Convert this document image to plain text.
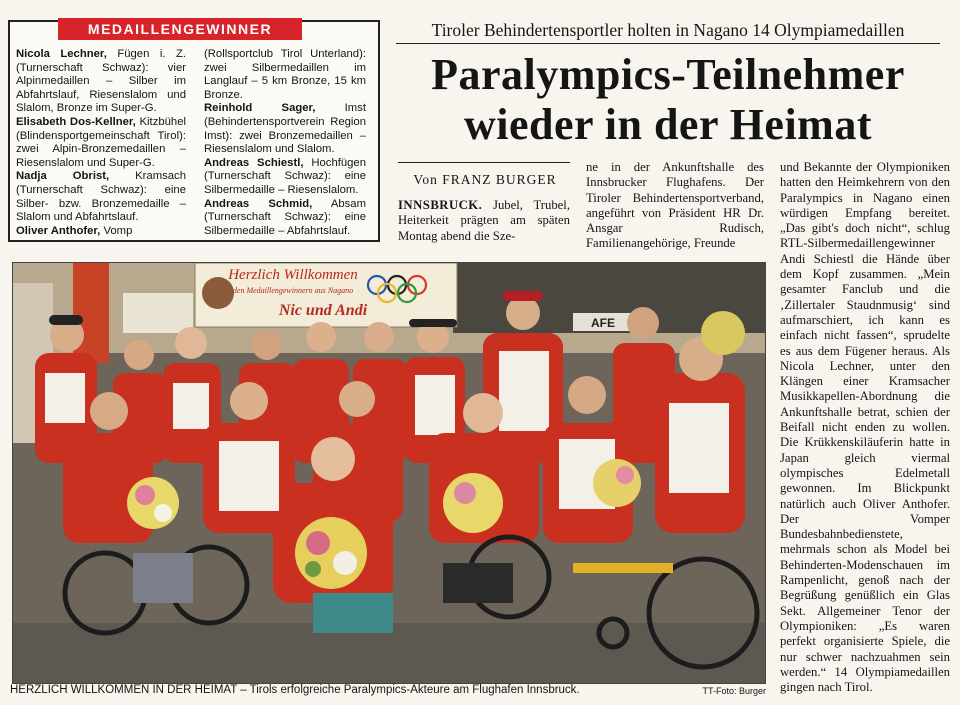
MEDAILLENGEWINNER

Nicola Lechner, Fügen i. Z. (Turnerschaft Schwaz): vier Alpinmedaillen – Silber im Abfahrtslauf, Riesenslalom und Slalom, Bronze im Super-G.

Elisabeth Dos-Kellner, Kitzbühel (Blindensportgemeinschaft Tirol): zwei Alpin-Bronzemedaillen – Riesenslalom und Super-G.

Nadja Obrist, Kramsach (Turnerschaft Schwaz): eine Silber- bzw. Bronzemedaille – Slalom und Abfahrtslauf.

Oliver Anthofer, Vomp

(Rollsportclub Tirol Unterland): zwei Silbermedaillen im Langlauf – 5 km Bronze, 15 km Bronze.

Reinhold Sager, Imst (Behindertensportverein Region Imst): zwei Bronzemedaillen – Riesenslalom und Slalom.

Andreas Schiestl, Hochfügen (Turnerschaft Schwaz): eine Silbermedaille – Riesenslalom.

Andreas Schmid, Absam (Turnerschaft Schwaz): eine Silbermedaille – Abfahrtslauf.

Tiroler Behindertensportler holten in Nagano 14 Olympiamedaillen
Paralympics-Teilnehmer
wieder in der Heimat
Von FRANZ BURGER

INNSBRUCK. Jubel, Trubel, Heiterkeit prägten am späten Montag abend die Sze-

ne in der Ankunftshalle des Innsbrucker Flughafens. Der Tiroler Behindertensportverband, angeführt von Präsident HR Dr. Ansgar Rudisch, Familienangehörige, Freunde

und Bekannte der Olympioniken hatten den Heimkehrern von den Paralympics in Nagano einen würdigen Empfang bereitet. „Das gibt's doch nicht“, schlug RTL-Silbermedaillengewinner Andi Schiestl die Hände über dem Kopf zusammen. „Mein gesamter Fanclub und die ‚Zillertaler Staudnmusig‘ sind aufmarschiert, ich kann es einfach nicht fassen“, sprudelte es aus dem Fügener heraus. Als Nicola Lechner, unter den Klängen einer Kramsacher Musikkapellen-Abordnung die Ankunftshalle betrat, schien der Beifall nicht enden zu wollen. Die Krükkenskiläuferin hatte in Japan gleich viermal olympisches Edelmetall gewonnen. Im Blickpunkt natürlich auch Oliver Anthofer. Der Vomper Bundesbahnbedienstete, mehrmals schon als Model bei Behinderten-Modenschauen im Rampenlicht, genoß nach der Begrüßung genüßlich ein Glas Sekt. Allgemeiner Tenor der Olympioniken: „Es waren perfekt organisierte Spiele, die nur schwer nachzuahmen sein werden.“ 14 Olympiamedaillen gingen nach Tirol.

AFE
Herzlich Willkommen
den Medaillengewinnern aus Nagano
Nic und Andi
HERZLICH WILLKOMMEN IN DER HEIMAT – Tirols erfolgreiche Paralympics-Akteure am Flughafen Innsbruck.	TT-Foto: Burger
